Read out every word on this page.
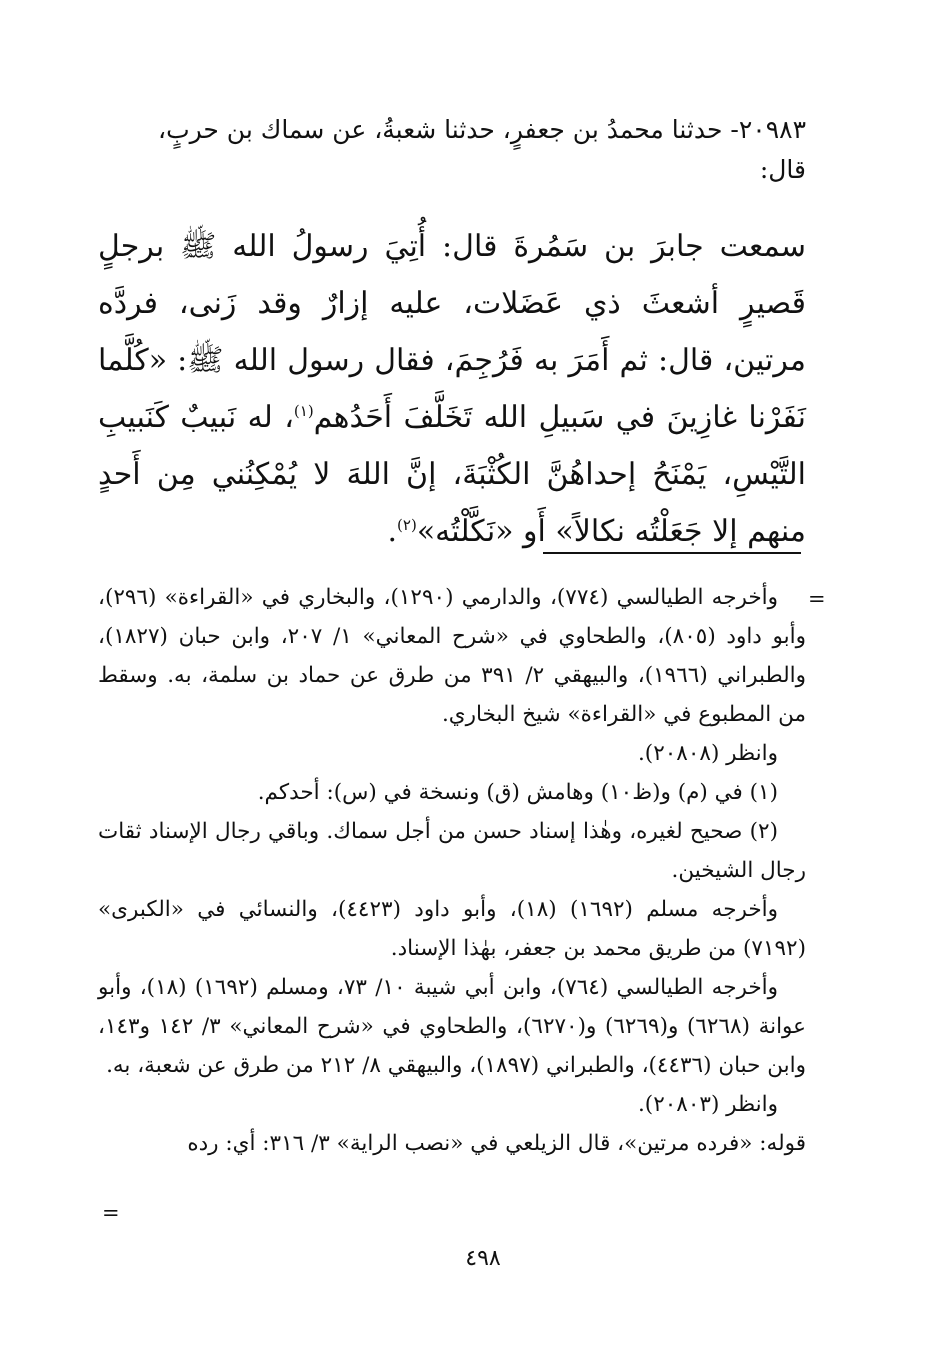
٢٠٩٨٣- حدثنا محمدُ بن جعفرٍ، حدثنا شعبةُ، عن سماك بن حربٍ،
قال:

سمعت جابرَ بن سَمُرةَ قال: أُتِيَ رسولُ الله ﷺ برجلٍ قَصيرٍ أشعثَ ذي عَضَلات، عليه إزارٌ وقد زَنى، فردَّه مرتين، قال: ثم أَمَرَ به فَرُجِمَ، فقال رسول الله ﷺ: «كُلَّما نَفَرْنا غازِينَ في سَبيلِ الله تَخَلَّفَ أَحَدُهم$^{(١)}$، له نَبيبٌ كَنَبيبِ التَّيْسِ، يَمْنَحُ إحداهُنَّ الكُثْبَةَ، إنَّ اللهَ لا يُمْكِنُني مِن أَحدٍ منهم إلا جَعَلْتُه نكالاً» أَو «نَكَّلْتُه»$^{(٢)}$.
=

وأخرجه الطيالسي (٧٧٤)، والدارمي (١٢٩٠)، والبخاري في «القراءة» (٢٩٦)، وأبو داود (٨٠٥)، والطحاوي في «شرح المعاني» ١/ ٢٠٧، وابن حبان (١٨٢٧)، والطبراني (١٩٦٦)، والبيهقي ٢/ ٣٩١ من طرق عن حماد بن سلمة، به. وسقط من المطبوع في «القراءة» شيخ البخاري.

وانظر (٢٠٨٠٨).

(١) في (م) و(ظ١٠) وهامش (ق) ونسخة في (س): أحدكم.

(٢) صحيح لغيره، وهٰذا إسناد حسن من أجل سماك. وباقي رجال الإسناد ثقات رجال الشيخين.

وأخرجه مسلم (١٦٩٢) (١٨)، وأبو داود (٤٤٢٣)، والنسائي في «الكبرى» (٧١٩٢) من طريق محمد بن جعفر، بهٰذا الإسناد.

وأخرجه الطيالسي (٧٦٤)، وابن أبي شيبة ١٠/ ٧٣، ومسلم (١٦٩٢) (١٨)، وأبو عوانة (٦٢٦٨) و(٦٢٦٩) و(٦٢٧٠)، والطحاوي في «شرح المعاني» ٣/ ١٤٢ و١٤٣، وابن حبان (٤٤٣٦)، والطبراني (١٨٩٧)، والبيهقي ٨/ ٢١٢ من طرق عن شعبة، به.

وانظر (٢٠٨٠٣).

قوله: «فرده مرتين»، قال الزيلعي في «نصب الراية» ٣/ ٣١٦: أي: رده

=
٤٩٨
